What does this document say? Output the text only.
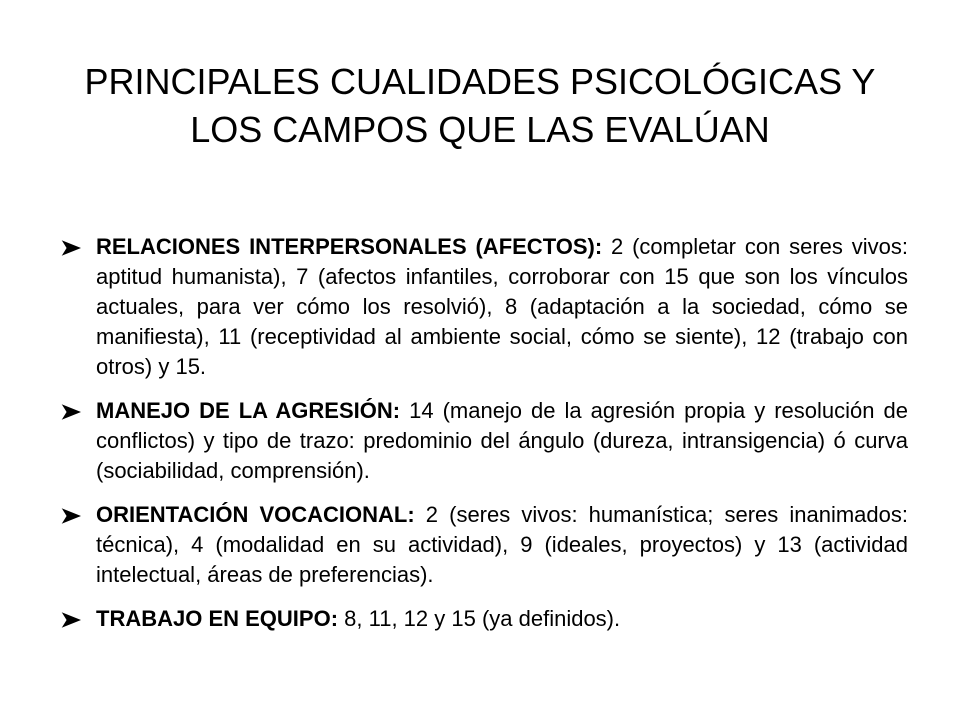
PRINCIPALES CUALIDADES PSICOLÓGICAS Y LOS CAMPOS QUE LAS EVALÚAN
RELACIONES INTERPERSONALES (AFECTOS): 2 (completar con seres vivos: aptitud humanista), 7 (afectos infantiles, corroborar con 15 que son los vínculos actuales, para ver cómo los resolvió), 8 (adaptación a la sociedad, cómo se manifiesta), 11 (receptividad al ambiente social, cómo se siente), 12 (trabajo con otros) y 15.
MANEJO DE LA AGRESIÓN: 14 (manejo de la agresión propia y resolución de conflictos) y tipo de trazo: predominio del ángulo (dureza, intransigencia) ó curva (sociabilidad, comprensión).
ORIENTACIÓN VOCACIONAL: 2 (seres vivos: humanística; seres inanimados: técnica), 4 (modalidad en su actividad), 9 (ideales, proyectos) y 13 (actividad intelectual, áreas de preferencias).
TRABAJO EN EQUIPO: 8, 11, 12 y 15 (ya definidos).
